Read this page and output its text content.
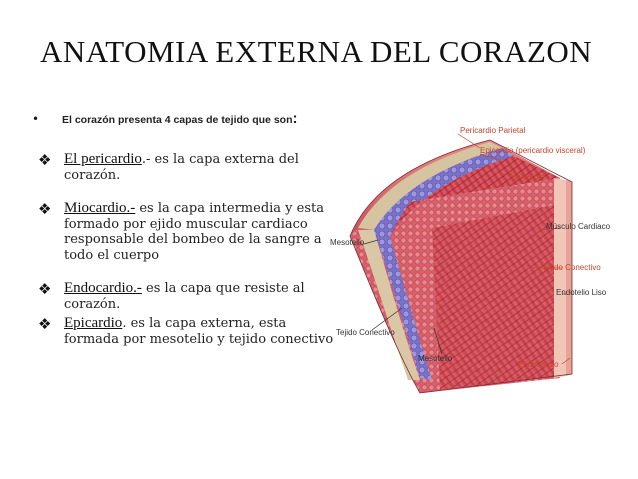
ANATOMIA EXTERNA DEL CORAZON
• El corazón presenta 4 capas de tejido que son:
❖ El pericardio.- es la capa externa del corazón.
❖ Miocardio.- es la capa intermedia y esta formado por ejido muscular cardiaco responsable del bombeo de la sangre a todo el cuerpo
❖ Endocardio.- es la capa que resiste al corazón.
❖ Epicardio. es la capa externa, esta formada por mesotelio y tejido conectivo
Pericardio Parietal
Epicardio (pericardio visceral)
Miocardio
Músculo Cardiaco
Tejido Conectivo
Endotelio Liso
Endocardio
Mesotelio
Tejido Conectivo
Mesotelio
